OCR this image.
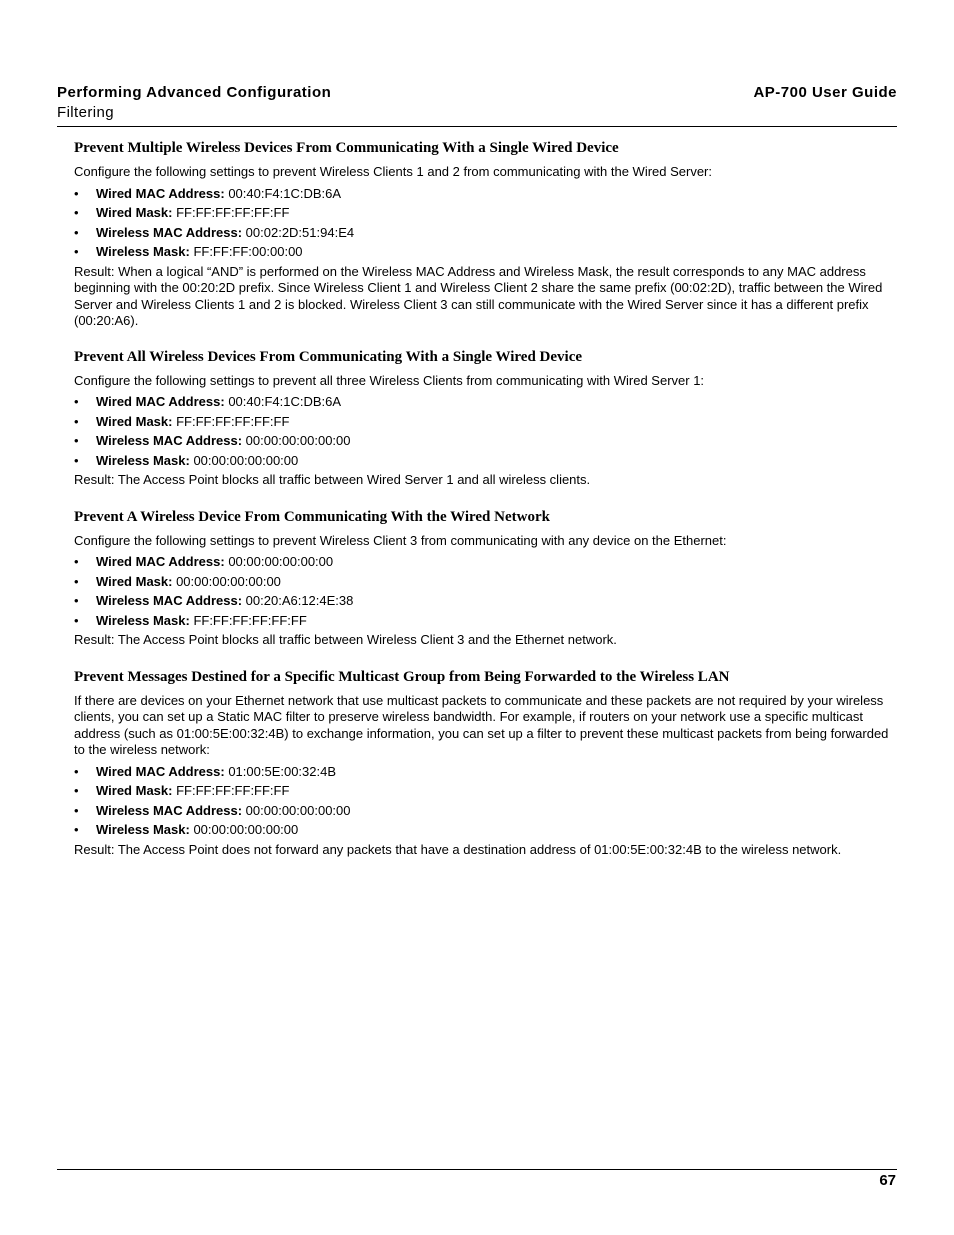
Performing Advanced Configuration	AP-700 User Guide
Filtering
Prevent Multiple Wireless Devices From Communicating With a Single Wired Device

Configure the following settings to prevent Wireless Clients 1 and 2 from communicating with the Wired Server:

• Wired MAC Address: 00:40:F4:1C:DB:6A
• Wired Mask: FF:FF:FF:FF:FF:FF
• Wireless MAC Address: 00:02:2D:51:94:E4
• Wireless Mask: FF:FF:FF:00:00:00

Result: When a logical “AND” is performed on the Wireless MAC Address and Wireless Mask, the result corresponds to any MAC address beginning with the 00:20:2D prefix. Since Wireless Client 1 and Wireless Client 2 share the same prefix (00:02:2D), traffic between the Wired Server and Wireless Clients 1 and 2 is blocked. Wireless Client 3 can still communicate with the Wired Server since it has a different prefix (00:20:A6).

Prevent All Wireless Devices From Communicating With a Single Wired Device

Configure the following settings to prevent all three Wireless Clients from communicating with Wired Server 1:

• Wired MAC Address: 00:40:F4:1C:DB:6A
• Wired Mask: FF:FF:FF:FF:FF:FF
• Wireless MAC Address: 00:00:00:00:00:00
• Wireless Mask: 00:00:00:00:00:00

Result: The Access Point blocks all traffic between Wired Server 1 and all wireless clients.

Prevent A Wireless Device From Communicating With the Wired Network

Configure the following settings to prevent Wireless Client 3 from communicating with any device on the Ethernet:

• Wired MAC Address: 00:00:00:00:00:00
• Wired Mask: 00:00:00:00:00:00
• Wireless MAC Address: 00:20:A6:12:4E:38
• Wireless Mask: FF:FF:FF:FF:FF:FF

Result: The Access Point blocks all traffic between Wireless Client 3 and the Ethernet network.

Prevent Messages Destined for a Specific Multicast Group from Being Forwarded to the Wireless LAN

If there are devices on your Ethernet network that use multicast packets to communicate and these packets are not required by your wireless clients, you can set up a Static MAC filter to preserve wireless bandwidth. For example, if routers on your network use a specific multicast address (such as 01:00:5E:00:32:4B) to exchange information, you can set up a filter to prevent these multicast packets from being forwarded to the wireless network:

• Wired MAC Address: 01:00:5E:00:32:4B
• Wired Mask: FF:FF:FF:FF:FF:FF
• Wireless MAC Address: 00:00:00:00:00:00
• Wireless Mask: 00:00:00:00:00:00

Result: The Access Point does not forward any packets that have a destination address of 01:00:5E:00:32:4B to the wireless network.

67
